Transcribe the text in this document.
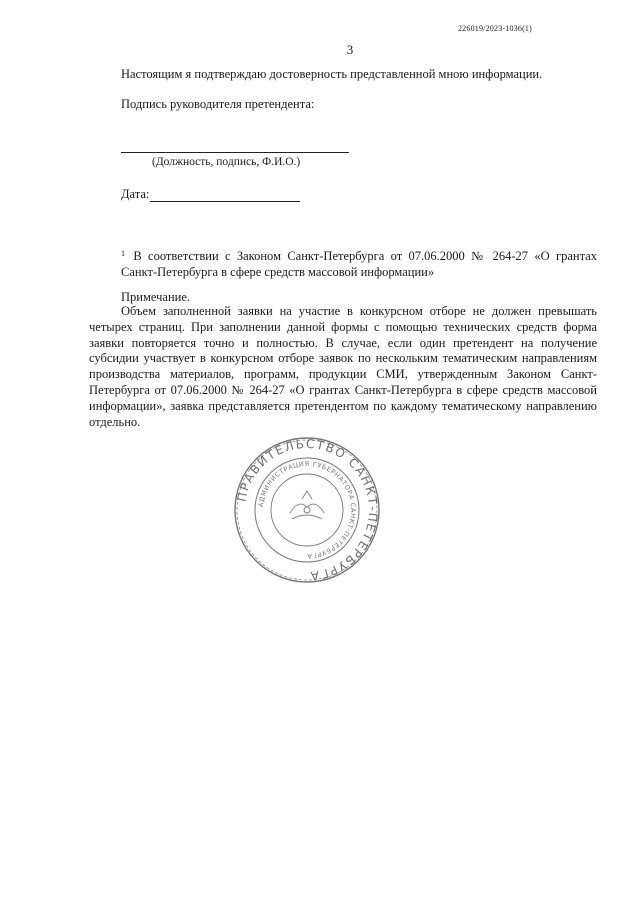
226019/2023-1036(1)
3
Настоящим я подтверждаю достоверность представленной мною информации.
Подпись руководителя претендента:
(Должность, подпись, Ф.И.О.)
Дата:
$^1$ В соответствии с Законом Санкт-Петербурга от 07.06.2000 № 264-27 «О грантах Санкт-Петербурга в сфере средств массовой информации»
Примечание.
Объем заполненной заявки на участие в конкурсном отборе не должен превышать четырех страниц. При заполнении данной формы с помощью технических средств форма заявки повторяется точно и полностью. В случае, если один претендент на получение субсидии участвует в конкурсном отборе заявок по нескольким тематическим направлениям производства материалов, программ, продукции СМИ, утвержденным Законом Санкт-Петербурга от 07.06.2000 № 264-27 «О грантах Санкт-Петербурга в сфере средств массовой информации», заявка представляется претендентом по каждому тематическому направлению отдельно.
ПРАВИТЕЛЬСТВО САНКТ-ПЕТЕРБУРГА
АДМИНИСТРАЦИЯ ГУБЕРНАТОРА САНКТ-ПЕТЕРБУРГА
